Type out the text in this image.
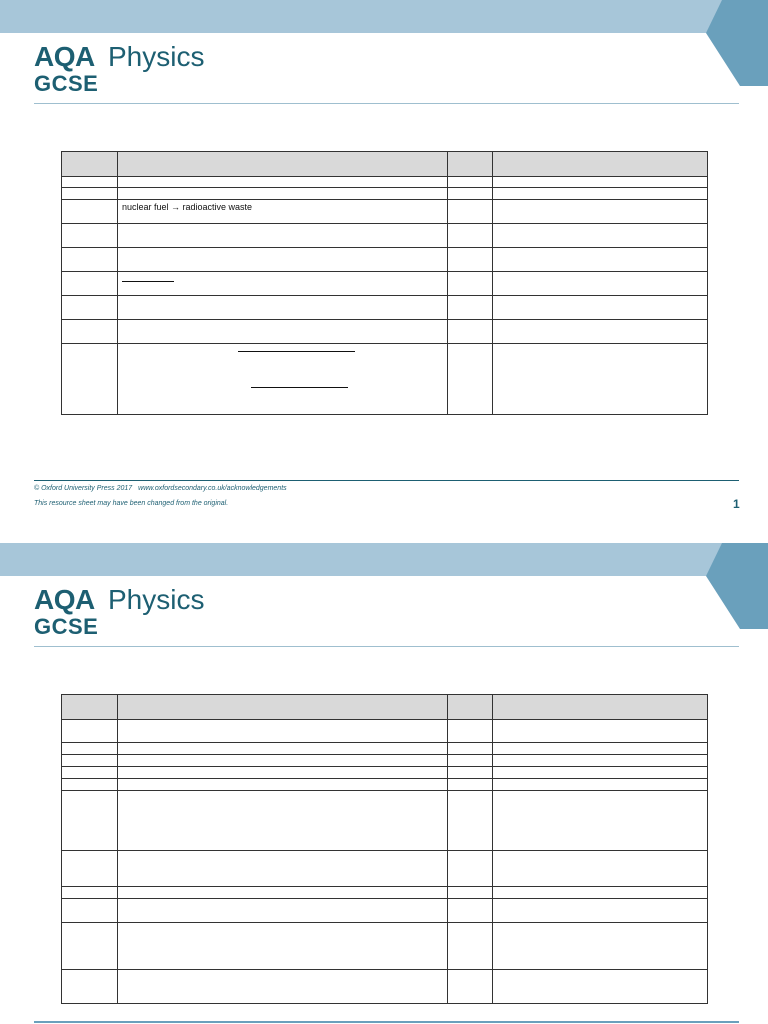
AQA Physics
GCSE

	nuclear fuel → radioactive waste		

© Oxford University Press 2017 www.oxfordsecondary.co.uk/acknowledgements
This resource sheet may have been changed from the original.	1
AQA Physics
GCSE
